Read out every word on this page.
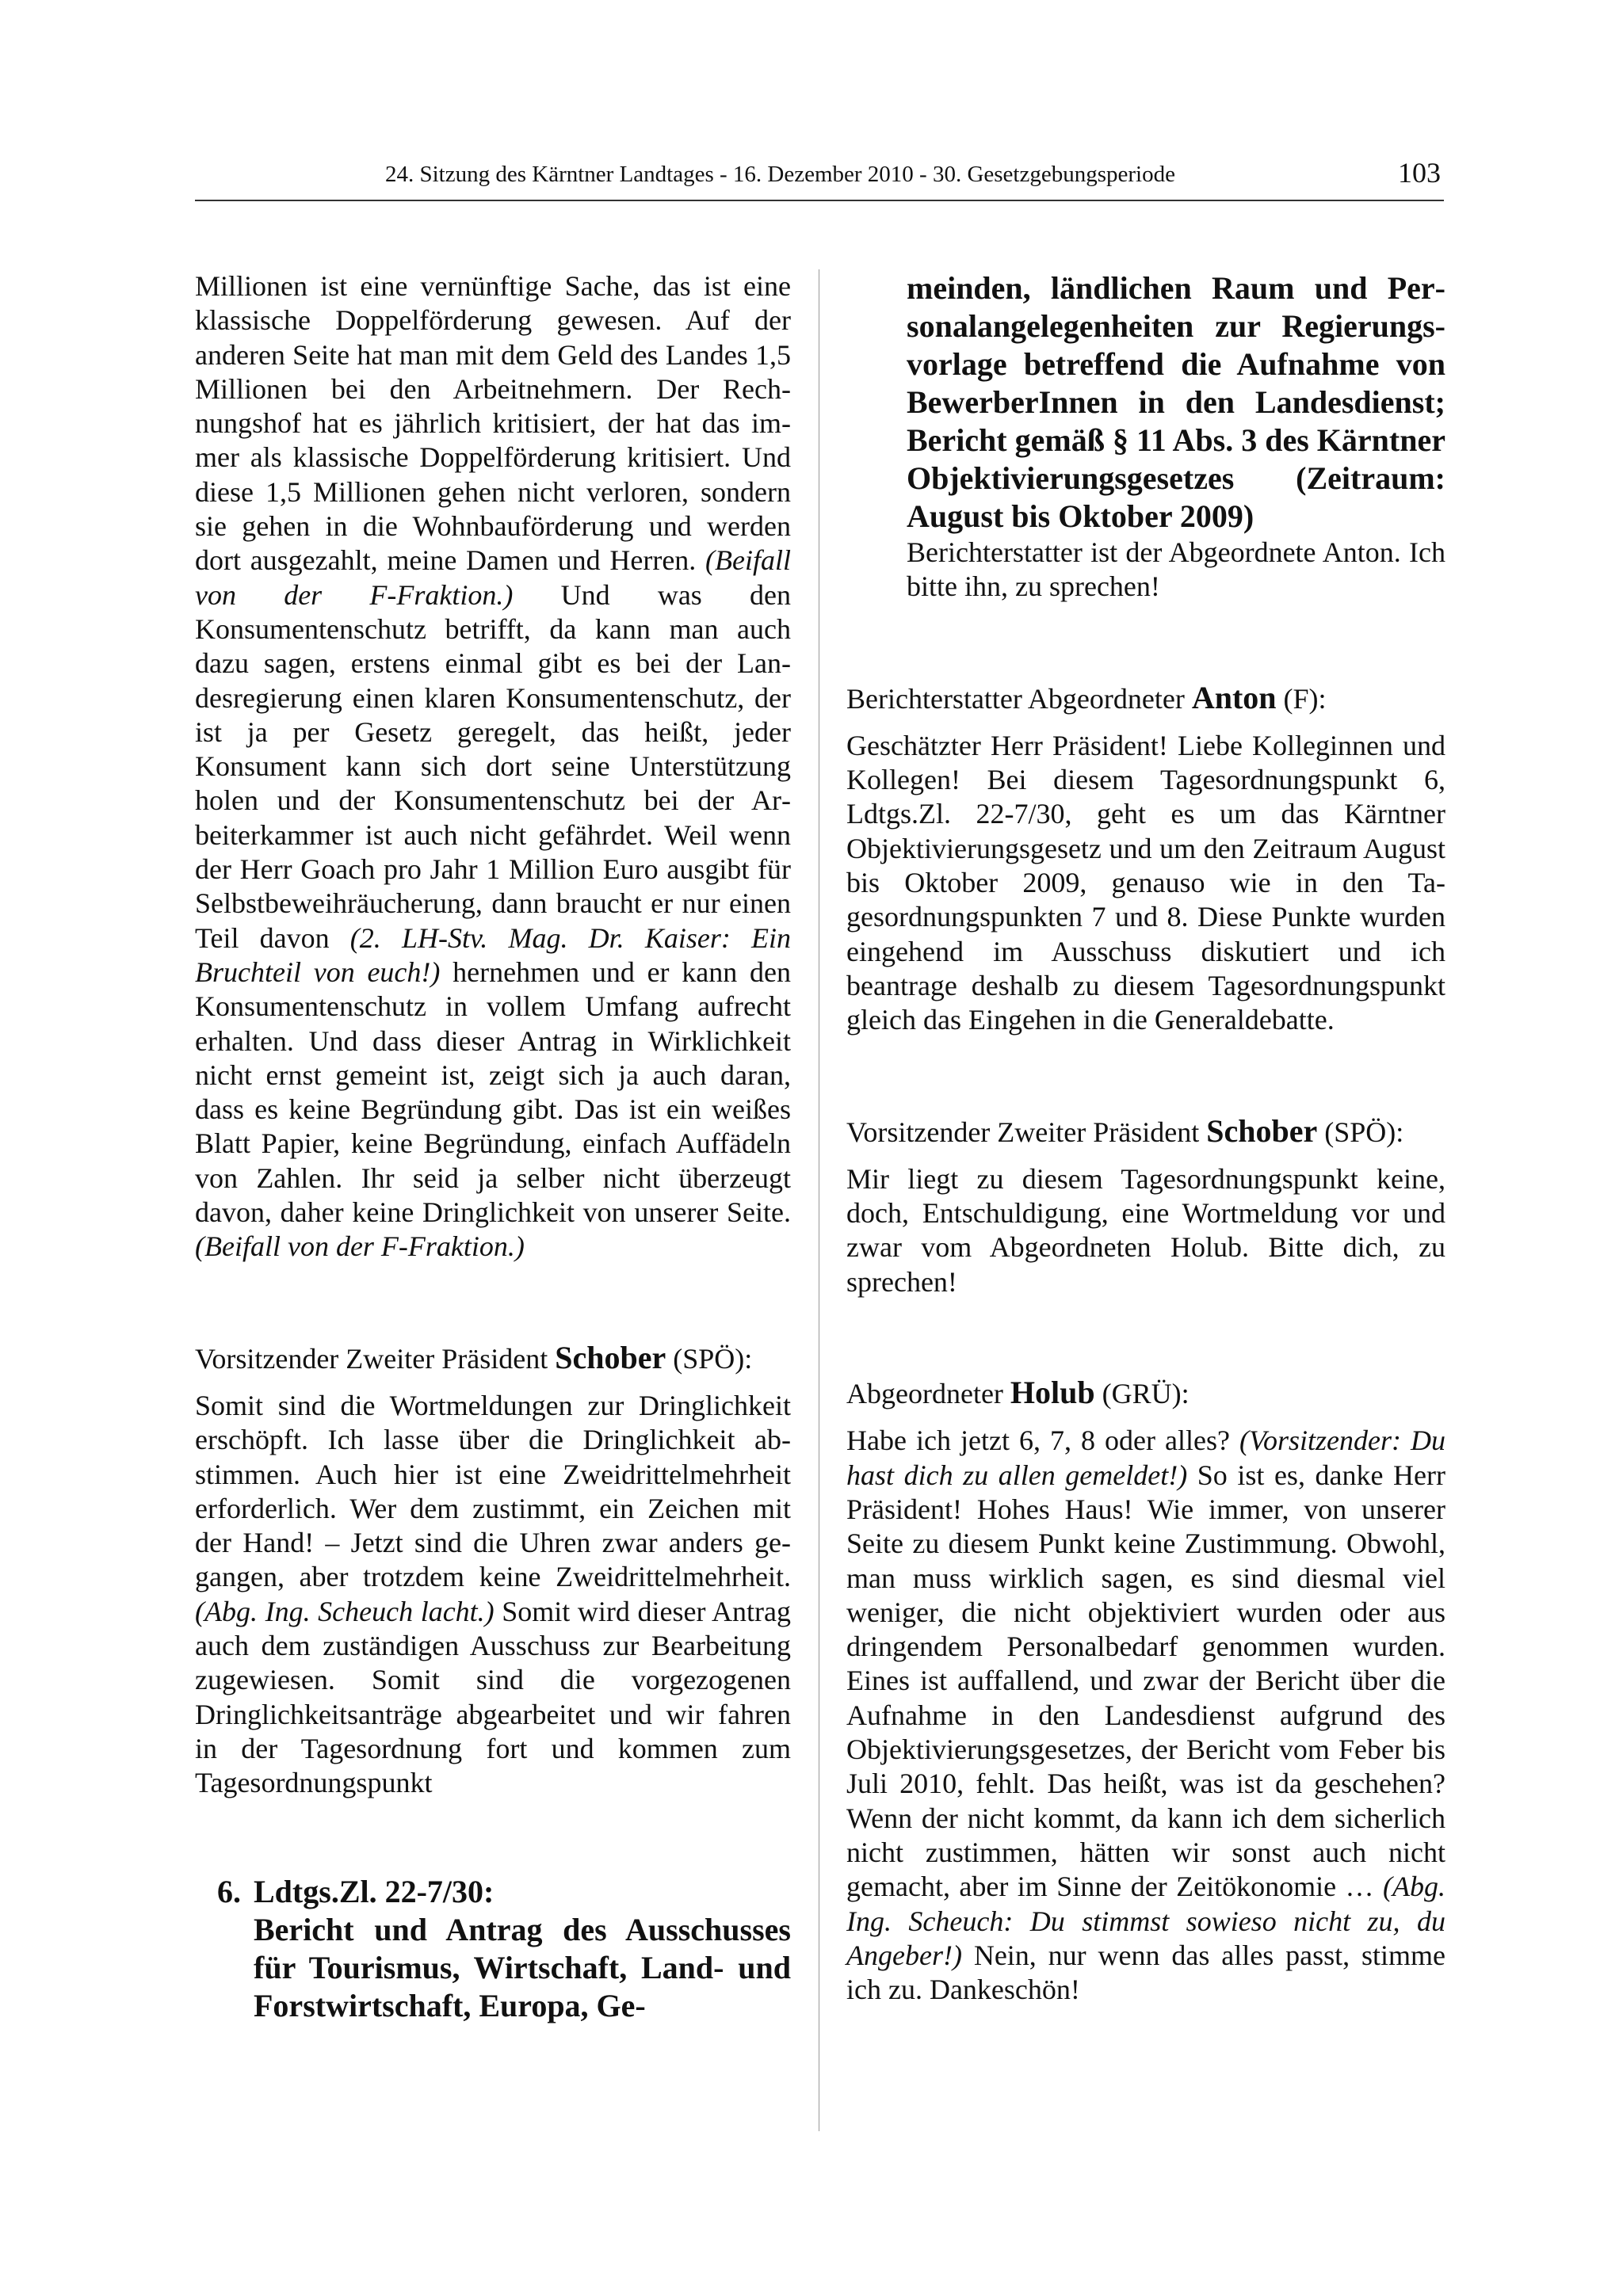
24. Sitzung des Kärntner Landtages - 16. Dezember 2010 - 30. Gesetzgebungsperiode	103

Millionen ist eine vernünftige Sache, das ist eine klassische Doppelförderung gewesen. Auf der anderen Seite hat man mit dem Geld des Landes 1,5 Millionen bei den Arbeitnehmern. Der Rechnungshof hat es jährlich kritisiert, der hat das immer als klassische Doppelförderung kritisiert. Und diese 1,5 Millionen gehen nicht verloren, sondern sie gehen in die Wohnbauförderung und werden dort ausgezahlt, meine Damen und Herren. (Beifall von der F-Fraktion.) Und was den Konsumentenschutz betrifft, da kann man auch dazu sagen, erstens einmal gibt es bei der Landesregierung einen klaren Konsumentenschutz, der ist ja per Gesetz geregelt, das heißt, jeder Konsument kann sich dort seine Unterstützung holen und der Konsumentenschutz bei der Arbeiterkammer ist auch nicht gefährdet. Weil wenn der Herr Goach pro Jahr 1 Million Euro ausgibt für Selbstbeweihräucherung, dann braucht er nur einen Teil davon (2. LH-Stv. Mag. Dr. Kaiser: Ein Bruchteil von euch!) hernehmen und er kann den Konsumentenschutz in vollem Umfang aufrecht erhalten. Und dass dieser Antrag in Wirklichkeit nicht ernst gemeint ist, zeigt sich ja auch daran, dass es keine Begründung gibt. Das ist ein weißes Blatt Papier, keine Begründung, einfach Auffädeln von Zahlen. Ihr seid ja selber nicht überzeugt davon, daher keine Dringlichkeit von unserer Seite. (Beifall von der F-Fraktion.)

Vorsitzender Zweiter Präsident Schober (SPÖ):

Somit sind die Wortmeldungen zur Dringlichkeit erschöpft. Ich lasse über die Dringlichkeit abstimmen. Auch hier ist eine Zweidrittelmehrheit erforderlich. Wer dem zustimmt, ein Zeichen mit der Hand! – Jetzt sind die Uhren zwar anders gegangen, aber trotzdem keine Zweidrittelmehrheit. (Abg. Ing. Scheuch lacht.) Somit wird dieser Antrag auch dem zuständigen Ausschuss zur Bearbeitung zugewiesen. Somit sind die vorgezogenen Dringlichkeitsanträge abgearbeitet und wir fahren in der Tagesordnung fort und kommen zum Tagesordnungspunkt

6. Ldtgs.Zl. 22-7/30:
Bericht und Antrag des Ausschusses für Tourismus, Wirtschaft, Land- und Forstwirtschaft, Europa, Ge-
meinden, ländlichen Raum und Personalangelegenheiten zur Regierungsvorlage betreffend die Aufnahme von BewerberInnen in den Landesdienst; Bericht gemäß § 11 Abs. 3 des Kärntner Objektivierungsgesetzes (Zeitraum: August bis Oktober 2009)

Berichterstatter ist der Abgeordnete Anton. Ich bitte ihn, zu sprechen!

Berichterstatter Abgeordneter Anton (F):

Geschätzter Herr Präsident! Liebe Kolleginnen und Kollegen! Bei diesem Tagesordnungspunkt 6, Ldtgs.Zl. 22-7/30, geht es um das Kärntner Objektivierungsgesetz und um den Zeitraum August bis Oktober 2009, genauso wie in den Tagesordnungspunkten 7 und 8. Diese Punkte wurden eingehend im Ausschuss diskutiert und ich beantrage deshalb zu diesem Tagesordnungspunkt gleich das Eingehen in die Generaldebatte.

Vorsitzender Zweiter Präsident Schober (SPÖ):

Mir liegt zu diesem Tagesordnungspunkt keine, doch, Entschuldigung, eine Wortmeldung vor und zwar vom Abgeordneten Holub. Bitte dich, zu sprechen!

Abgeordneter Holub (GRÜ):

Habe ich jetzt 6, 7, 8 oder alles? (Vorsitzender: Du hast dich zu allen gemeldet!) So ist es, danke Herr Präsident! Hohes Haus! Wie immer, von unserer Seite zu diesem Punkt keine Zustimmung. Obwohl, man muss wirklich sagen, es sind diesmal viel weniger, die nicht objektiviert wurden oder aus dringendem Personalbedarf genommen wurden. Eines ist auffallend, und zwar der Bericht über die Aufnahme in den Landesdienst aufgrund des Objektivierungsgesetzes, der Bericht vom Feber bis Juli 2010, fehlt. Das heißt, was ist da geschehen? Wenn der nicht kommt, da kann ich dem sicherlich nicht zustimmen, hätten wir sonst auch nicht gemacht, aber im Sinne der Zeitökonomie … (Abg. Ing. Scheuch: Du stimmst sowieso nicht zu, du Angeber!) Nein, nur wenn das alles passt, stimme ich zu. Dankeschön!
